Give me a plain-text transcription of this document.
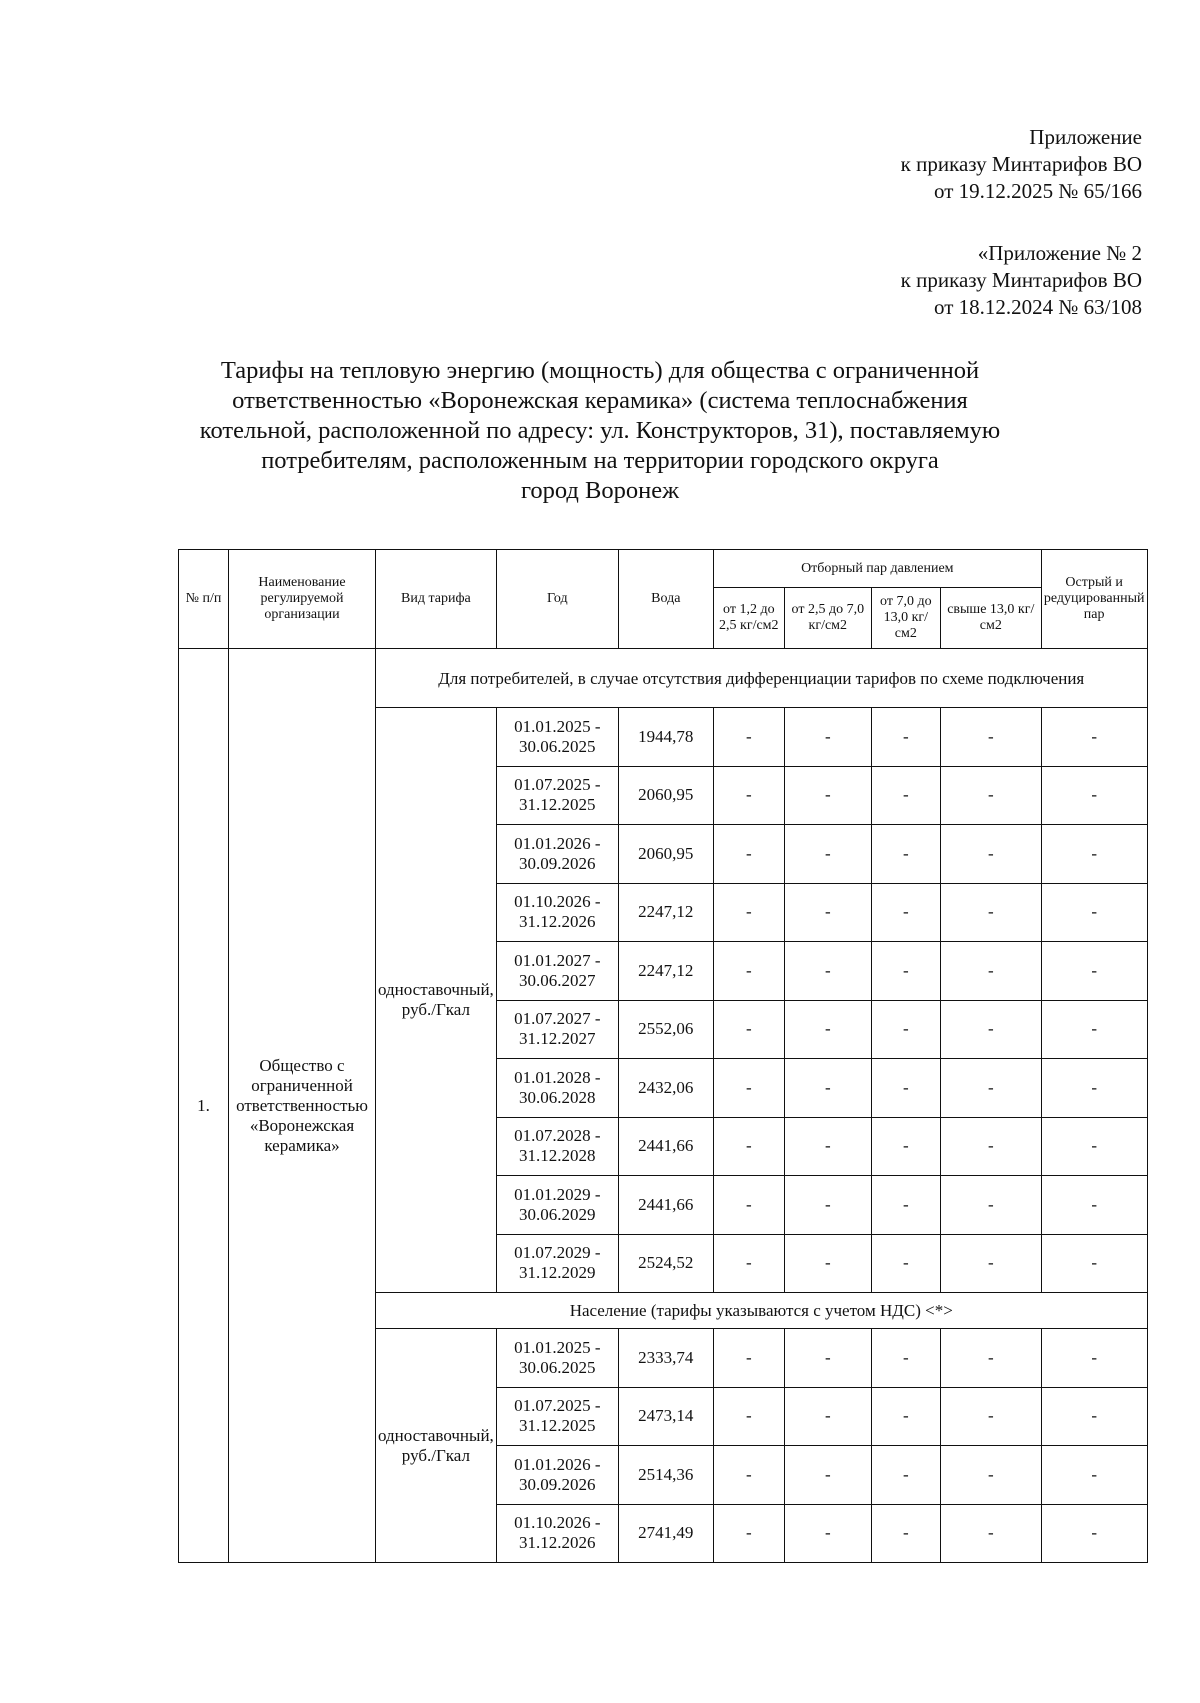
Приложение
к приказу Минтарифов ВО
от 19.12.2025 № 65/166
«Приложение № 2
к приказу Минтарифов ВО
от 18.12.2024 № 63/108
Тарифы на тепловую энергию (мощность) для общества с ограниченной
ответственностью «Воронежская керамика» (система теплоснабжения
котельной, расположенной по адресу: ул. Конструкторов, 31), поставляемую
потребителям, расположенным на территории городского округа
город Воронеж
№ п/п	Наименование регулируемой организации	Вид тарифа	Год	Вода	Отборный пар давлением				Острый и редуцированный пар
					от 1,2 до 2,5 кг/см2	от 2,5 до 7,0 кг/см2	от 7,0 до 13,0 кг/см2	свыше 13,0 кг/см2	
1.	Общество с ограниченной ответственностью «Воронежская керамика»	Для потребителей, в случае отсутствия дифференциации тарифов по схеме подключения							
		одноставочный, руб./Гкал	01.01.2025 - 30.06.2025	1944,78	-	-	-	-	-
			01.07.2025 - 31.12.2025	2060,95	-	-	-	-	-
			01.01.2026 - 30.09.2026	2060,95	-	-	-	-	-
			01.10.2026 - 31.12.2026	2247,12	-	-	-	-	-
			01.01.2027 - 30.06.2027	2247,12	-	-	-	-	-
			01.07.2027 - 31.12.2027	2552,06	-	-	-	-	-
			01.01.2028 - 30.06.2028	2432,06	-	-	-	-	-
			01.07.2028 - 31.12.2028	2441,66	-	-	-	-	-
			01.01.2029 - 30.06.2029	2441,66	-	-	-	-	-
			01.07.2029 - 31.12.2029	2524,52	-	-	-	-	-
		Население (тарифы указываются с учетом НДС) <*>							
		одноставочный, руб./Гкал	01.01.2025 - 30.06.2025	2333,74	-	-	-	-	-
			01.07.2025 - 31.12.2025	2473,14	-	-	-	-	-
			01.01.2026 - 30.09.2026	2514,36	-	-	-	-	-
			01.10.2026 - 31.12.2026	2741,49	-	-	-	-	-
